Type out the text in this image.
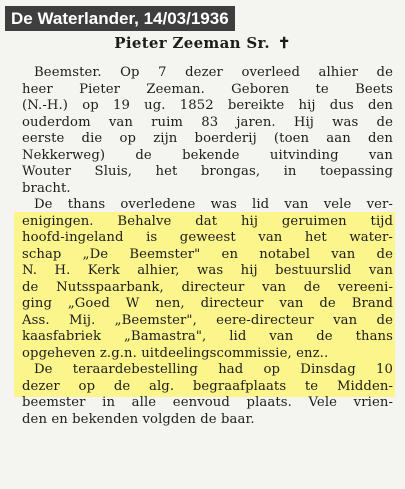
De Waterlander, 14/03/1936
Pieter Zeeman Sr. ✝
Beemster. Op 7 dezer overleed alhier de
heer Pieter Zeeman. Geboren te Beets
(N.-H.) op 19 ug. 1852 bereikte hij dus den
ouderdom van ruim 83 jaren. Hij was de
eerste die op zijn boerderij (toen aan den
Nekkerweg) de bekende uitvinding van
Wouter Sluis, het brongas, in toepassing
bracht.
De thans overledene was lid van vele ver-
enigingen. Behalve dat hij geruimen tijd
hoofd-ingeland is geweest van het water-
schap „De Beemster" en notabel van de
N. H. Kerk alhier, was hij bestuurslid van
de Nutsspaarbank, directeur van de vereeni-
ging „Goed W nen, directeur van de Brand
Ass. Mij. „Beemster", eere-directeur van de
kaasfabriek „Bamastra", lid van de thans
opgeheven z.g.n. uitdeelingscommissie, enz..
De teraardebestelling had op Dinsdag 10
dezer op de alg. begraafplaats te Midden-
beemster in alle eenvoud plaats. Vele vrien-
den en bekenden volgden de baar.
